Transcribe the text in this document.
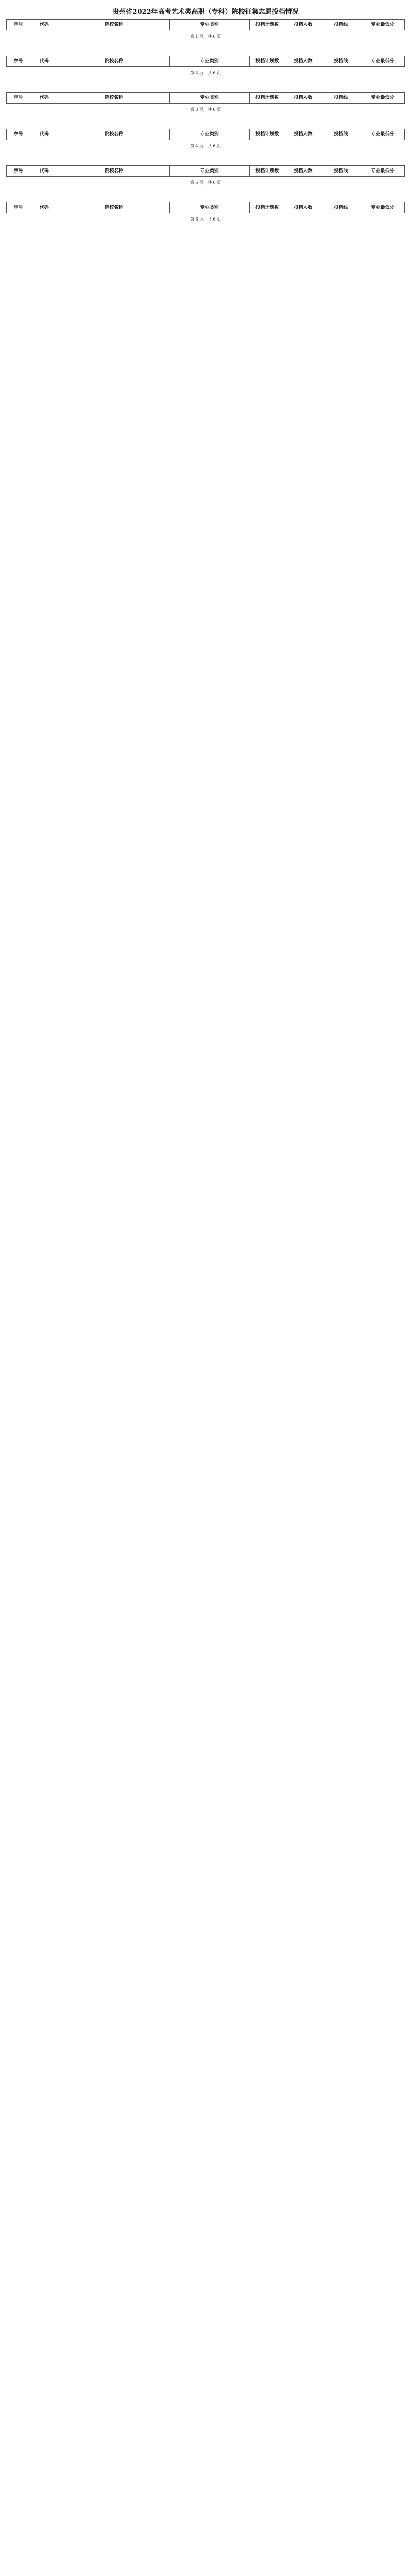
贵州省2022年高考艺术类高职（专科）院校征集志愿投档情况
序号	代码	院校名称	专业类别	投档计划数	投档人数	投档线	专业最低分
第 1 页，共 6 页
序号	代码	院校名称	专业类别	投档计划数	投档人数	投档线	专业最低分
第 2 页，共 6 页
序号	代码	院校名称	专业类别	投档计划数	投档人数	投档线	专业最低分
第 3 页，共 6 页
序号	代码	院校名称	专业类别	投档计划数	投档人数	投档线	专业最低分
第 4 页，共 6 页
序号	代码	院校名称	专业类别	投档计划数	投档人数	投档线	专业最低分
第 5 页，共 6 页
序号	代码	院校名称	专业类别	投档计划数	投档人数	投档线	专业最低分
第 6 页，共 6 页
